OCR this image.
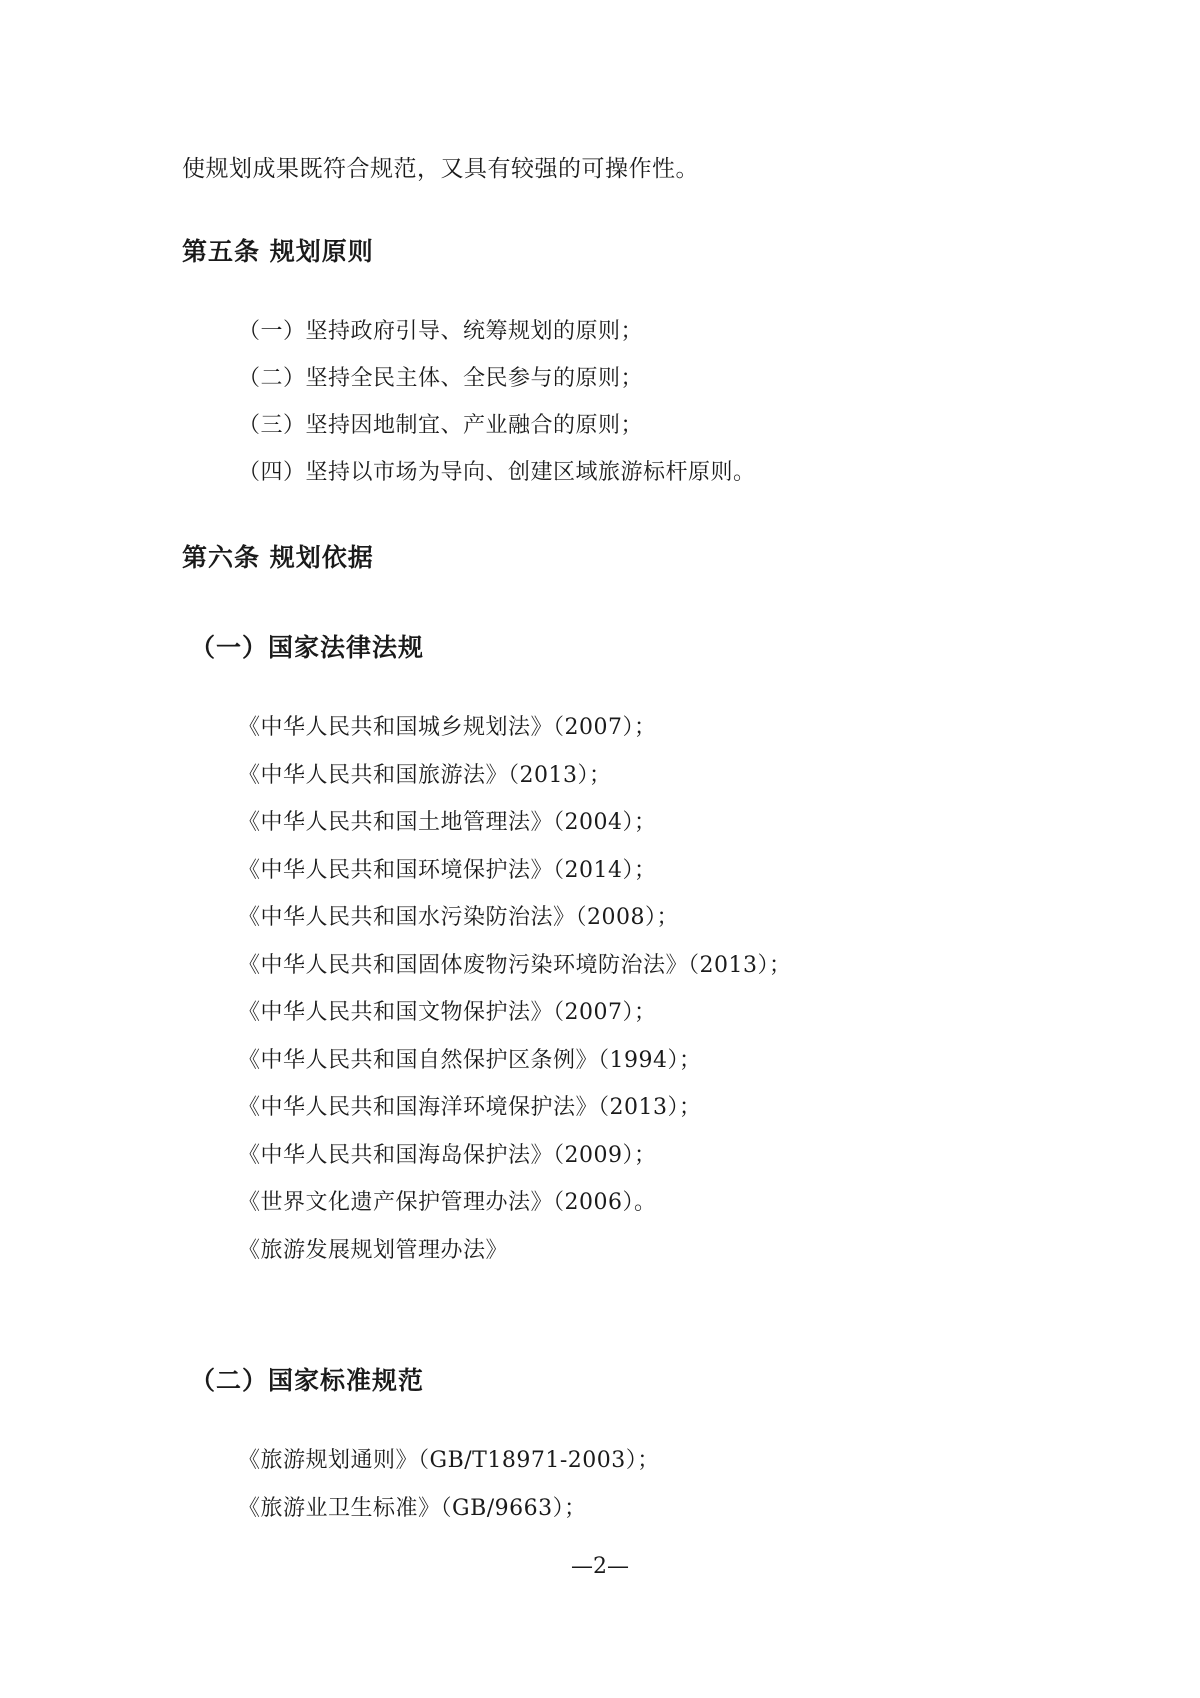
使规划成果既符合规范，又具有较强的可操作性。
第五条 规划原则
（一）坚持政府引导、统筹规划的原则；
（二）坚持全民主体、全民参与的原则；
（三）坚持因地制宜、产业融合的原则；
（四）坚持以市场为导向、创建区域旅游标杆原则。
第六条 规划依据
（一）国家法律法规
《中华人民共和国城乡规划法》（2007）；
《中华人民共和国旅游法》（2013）；
《中华人民共和国土地管理法》（2004）；
《中华人民共和国环境保护法》（2014）；
《中华人民共和国水污染防治法》（2008）；
《中华人民共和国固体废物污染环境防治法》（2013）；
《中华人民共和国文物保护法》（2007）；
《中华人民共和国自然保护区条例》（1994）；
《中华人民共和国海洋环境保护法》（2013）；
《中华人民共和国海岛保护法》（2009）；
《世界文化遗产保护管理办法》（2006）。
《旅游发展规划管理办法》
（二）国家标准规范
《旅游规划通则》（GB/T18971-2003）；
《旅游业卫生标准》（GB/9663）；
—2—
